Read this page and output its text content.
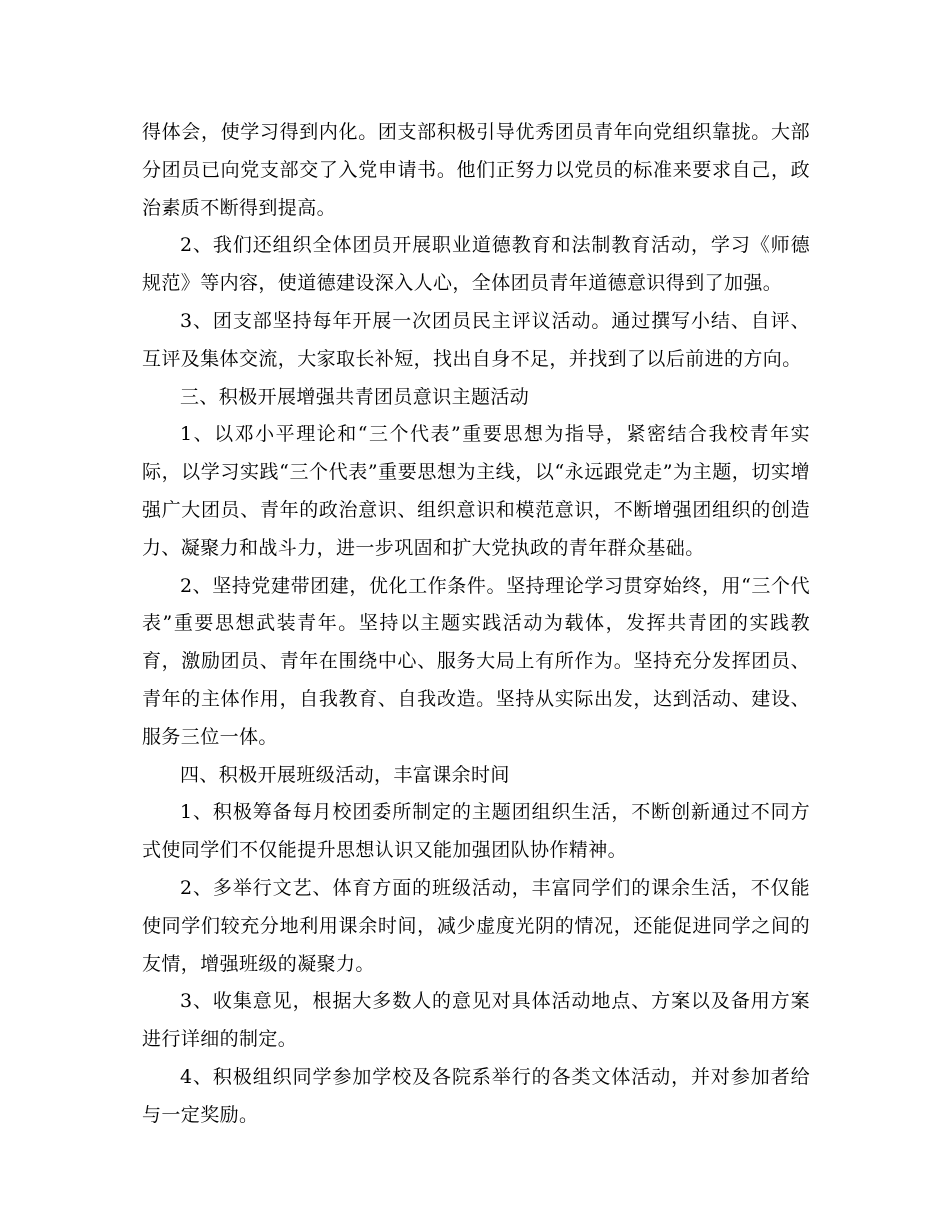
得体会，使学习得到内化。团支部积极引导优秀团员青年向党组织靠拢。大部分团员已向党支部交了入党申请书。他们正努力以党员的标准来要求自己，政治素质不断得到提高。

2、我们还组织全体团员开展职业道德教育和法制教育活动，学习《师德规范》等内容，使道德建设深入人心，全体团员青年道德意识得到了加强。

3、团支部坚持每年开展一次团员民主评议活动。通过撰写小结、自评、互评及集体交流，大家取长补短，找出自身不足，并找到了以后前进的方向。

三、积极开展增强共青团员意识主题活动

1、以邓小平理论和“三个代表”重要思想为指导，紧密结合我校青年实际，以学习实践“三个代表”重要思想为主线，以“永远跟党走”为主题，切实增强广大团员、青年的政治意识、组织意识和模范意识，不断增强团组织的创造力、凝聚力和战斗力，进一步巩固和扩大党执政的青年群众基础。

2、坚持党建带团建，优化工作条件。坚持理论学习贯穿始终，用“三个代表”重要思想武装青年。坚持以主题实践活动为载体，发挥共青团的实践教育，激励团员、青年在围绕中心、服务大局上有所作为。坚持充分发挥团员、青年的主体作用，自我教育、自我改造。坚持从实际出发，达到活动、建设、服务三位一体。

四、积极开展班级活动，丰富课余时间

1、积极筹备每月校团委所制定的主题团组织生活，不断创新通过不同方式使同学们不仅能提升思想认识又能加强团队协作精神。

2、多举行文艺、体育方面的班级活动，丰富同学们的课余生活，不仅能使同学们较充分地利用课余时间，减少虚度光阴的情况，还能促进同学之间的友情，增强班级的凝聚力。

3、收集意见，根据大多数人的意见对具体活动地点、方案以及备用方案进行详细的制定。

4、积极组织同学参加学校及各院系举行的各类文体活动，并对参加者给与一定奖励。
